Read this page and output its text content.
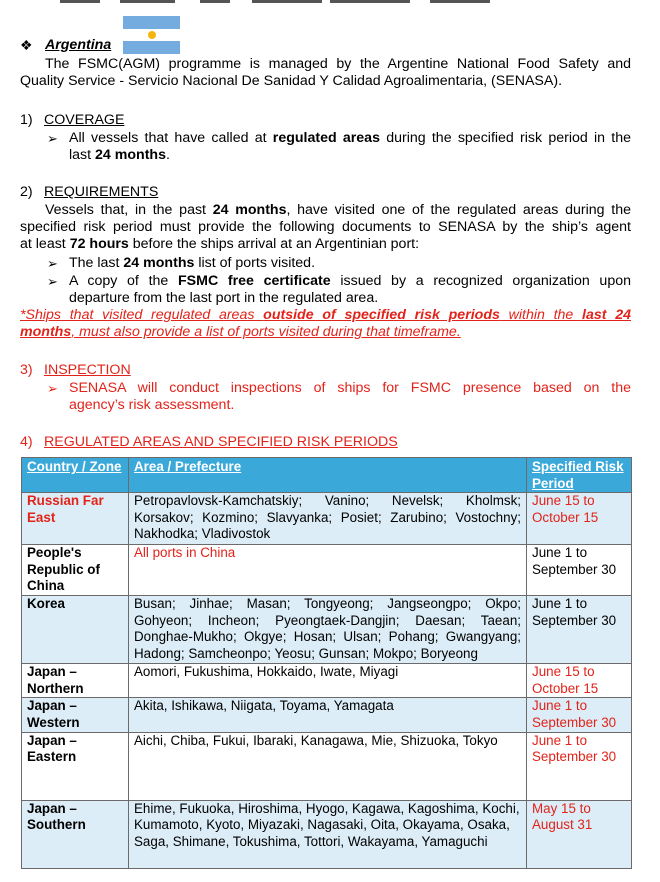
❖ Argentina
The FSMC(AGM) programme is managed by the Argentine National Food Safety and
Quality Service - Servicio Nacional De Sanidad Y Calidad Agroalimentaria, (SENASA).
1) COVERAGE
➢ All vessels that have called at regulated areas during the specified risk period in the
last 24 months.
2) REQUIREMENTS
Vessels that, in the past 24 months, have visited one of the regulated areas during the
specified risk period must provide the following documents to SENASA by the ship’s agent
at least 72 hours before the ships arrival at an Argentinian port:
➢ The last 24 months list of ports visited.
➢ A copy of the FSMC free certificate issued by a recognized organization upon
departure from the last port in the regulated area.
*Ships that visited regulated areas outside of specified risk periods within the last 24
months, must also provide a list of ports visited during that timeframe.
3) INSPECTION
➢ SENASA will conduct inspections of ships for FSMC presence based on the
agency’s risk assessment.
4) REGULATED AREAS AND SPECIFIED RISK PERIODS
Country / Zone	Area / Prefecture	Specified Risk Period
Russian Far East	Petropavlovsk-Kamchatskiy; Vanino; Nevelsk; Kholmsk; Korsakov; Kozmino; Slavyanka; Posiet; Zarubino; Vostochny; Nakhodka; Vladivostok	June 15 to October 15
People's Republic of China	All ports in China	June 1 to September 30
Korea	Busan; Jinhae; Masan; Tongyeong; Jangseongpo; Okpo; Gohyeon; Incheon; Pyeongtaek-Dangjin; Daesan; Taean; Donghae-Mukho; Okgye; Hosan; Ulsan; Pohang; Gwangyang; Hadong; Samcheonpo; Yeosu; Gunsan; Mokpo; Boryeong	June 1 to September 30
Japan – Northern	Aomori, Fukushima, Hokkaido, Iwate, Miyagi	June 15 to October 15
Japan – Western	Akita, Ishikawa, Niigata, Toyama, Yamagata	June 1 to September 30
Japan – Eastern	Aichi, Chiba, Fukui, Ibaraki, Kanagawa, Mie, Shizuoka, Tokyo	June 1 to September 30
Japan – Southern	Ehime, Fukuoka, Hiroshima, Hyogo, Kagawa, Kagoshima, Kochi, Kumamoto, Kyoto, Miyazaki, Nagasaki, Oita, Okayama, Osaka, Saga, Shimane, Tokushima, Tottori, Wakayama, Yamaguchi	May 15 to August 31
